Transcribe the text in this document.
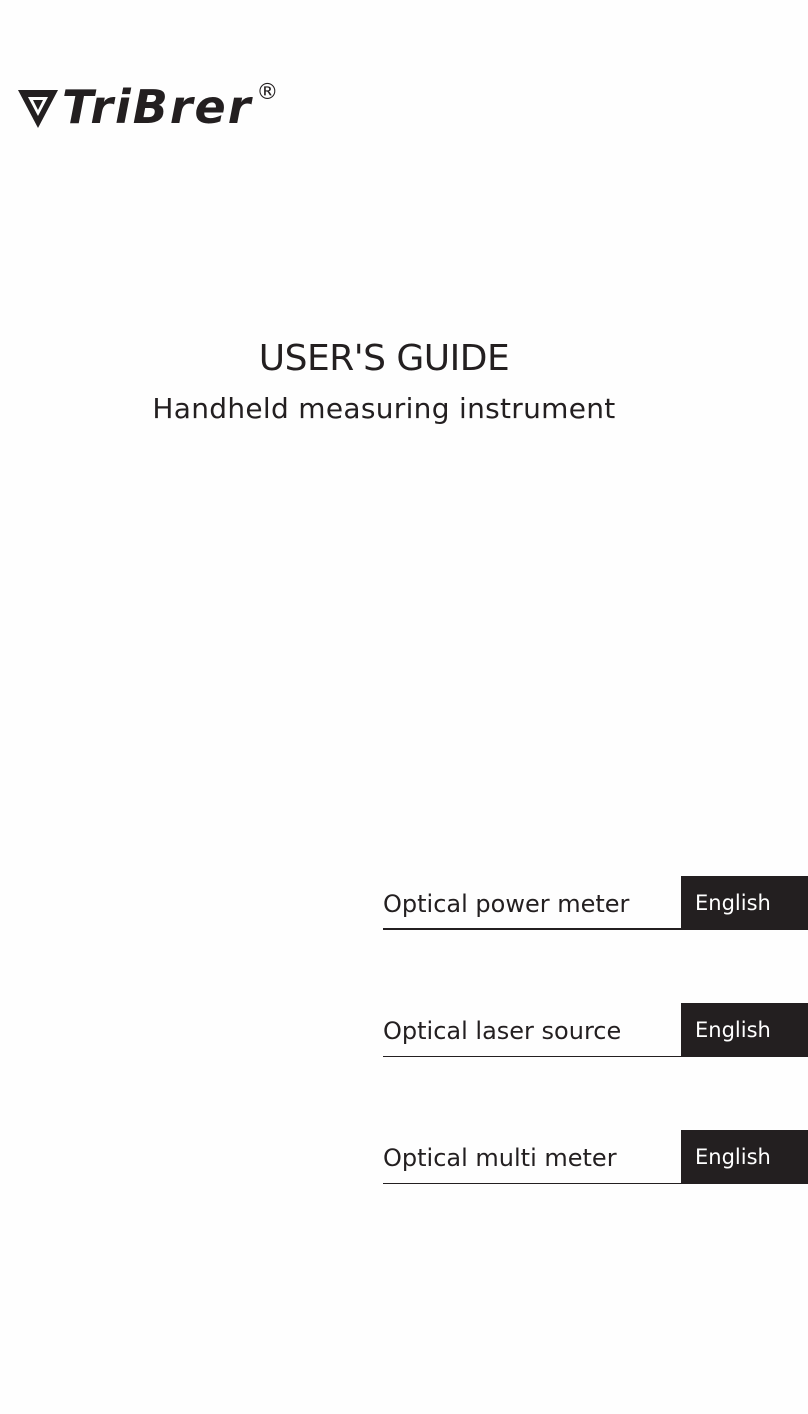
TriBrer ®
USER'S GUIDE

Handheld measuring instrument

Optical power meter	English
Optical laser source	English
Optical multi meter	English
